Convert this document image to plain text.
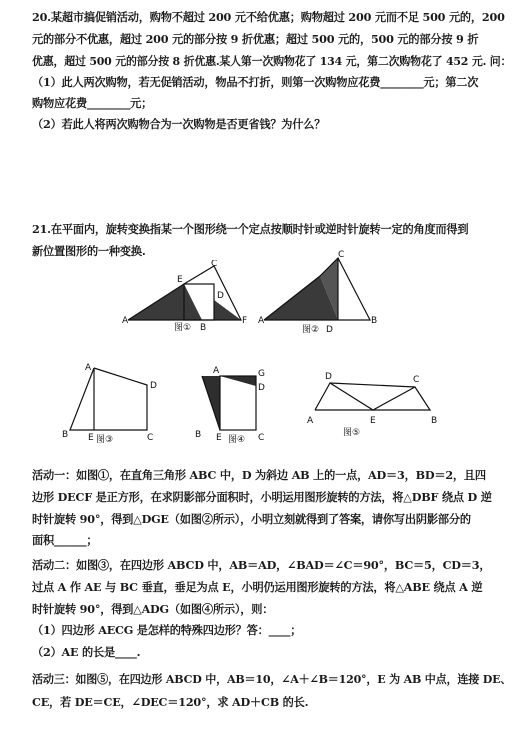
20.某超市搞促销活动，购物不超过 200 元不给优惠；购物超过 200 元而不足 500 元的，200
元的部分不优惠，超过 200 元的部分按 9 折优惠；超过 500 元的，500 元的部分按 9 折
优惠，超过 500 元的部分按 8 折优惠.某人第一次购物花了 134 元，第二次购物花了 452 元. 问：
（1）此人两次购物，若无促销活动，物品不打折，则第一次购物应花费________元；第二次
购物应花费________元；
（2）若此人将两次购物合为一次购物是否更省钱？为什么？
21.在平面内，旋转变换指某一个图形绕一个定点按顺时针或逆时针旋转一定的角度而得到
新位置图形的一种变换.
A
E
C
D
B
F
图①
A
C
B
D
图②
A
D
B E	C
图③
A	G
D
B E	C
图④
D	C
A	E	B
图⑤
活动一：如图①，在直角三角形 ABC 中，D 为斜边 AB 上的一点，AD＝3，BD＝2，且四
边形 DECF 是正方形，在求阴影部分面积时，小明运用图形旋转的方法，将△DBF 绕点 D 逆
时针旋转 90°，得到△DGE（如图②所示），小明立刻就得到了答案，请你写出阴影部分的
面积______；
活动二：如图③，在四边形 ABCD 中，AB＝AD，∠BAD＝∠C＝90°，BC＝5，CD＝3，
过点 A 作 AE 与 BC 垂直，垂足为点 E，小明仍运用图形旋转的方法，将△ABE 绕点 A 逆
时针旋转 90°，得到△ADG（如图④所示），则：
（1）四边形 AECG 是怎样的特殊四边形？答：____；
（2）AE 的长是____.
活动三：如图⑤，在四边形 ABCD 中，AB＝10，∠A＋∠B＝120°，E 为 AB 中点，连接 DE、
CE，若 DE＝CE，∠DEC＝120°，求 AD＋CB 的长.
